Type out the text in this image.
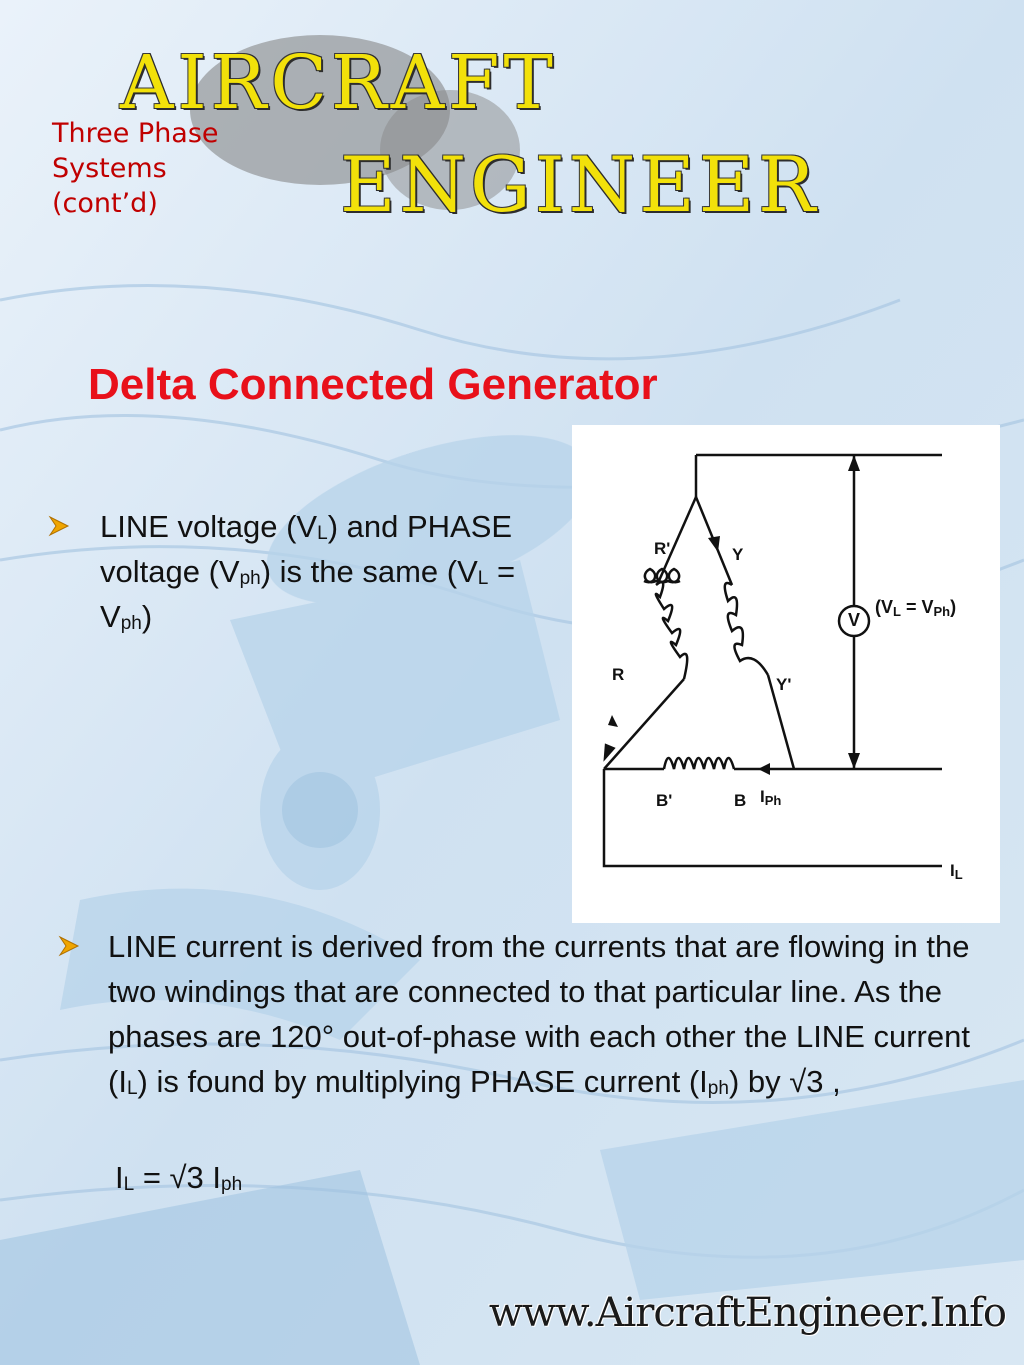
AIRCRAFT
ENGINEER
Three Phase
Systems
(cont’d)
Delta Connected Generator
LINE voltage $(V_L)$ and PHASE voltage $(V_{ph})$ is the same $(V_L = V_{ph})$
R'	Y
R
Y'
B'	B $I_{Ph}$
$I_L$
V
$(V_L = V_{Ph})$
LINE current is derived from the currents that are flowing in the two windings that are connected to that particular line. As the phases are 120° out-of-phase with each other the LINE current $(I_L)$ is found by multiplying PHASE current $(I_{ph})$ by √3 ,
$I_L = √3$ $I_{ph}$
www.AircraftEngineer.Info
